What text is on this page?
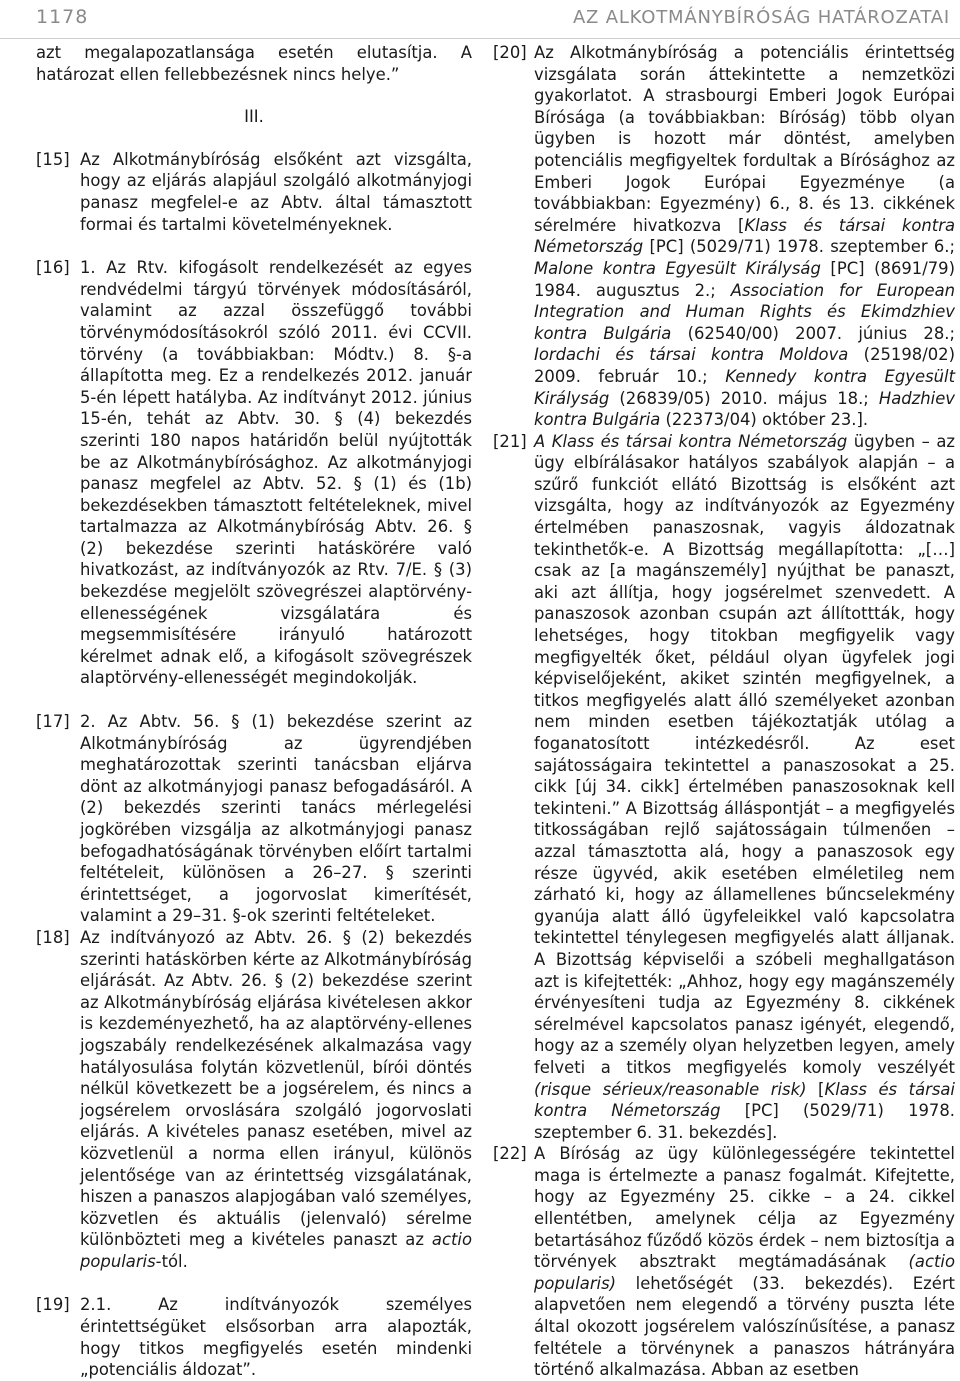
1178	AZ ALKOTMÁNYBÍRÓSÁG HATÁROZATAI

azt megalapozatlansága esetén elutasítja. A határozat ellen fellebbezésnek nincs helye.”

III.

[15] Az Alkotmánybíróság elsőként azt vizsgálta, hogy az eljárás alapjául szolgáló alkotmányjogi panasz megfelel-e az Abtv. által támasztott formai és tartalmi követelményeknek.
[16] 1. Az Rtv. kifogásolt rendelkezését az egyes rendvédelmi tárgyú törvények módosításáról, valamint az azzal összefüggő további törvénymódosításokról szóló 2011. évi CCVII. törvény (a továbbiakban: Módtv.) 8. §-a állapította meg. Ez a rendelkezés 2012. január 5-én lépett hatályba. Az indítványt 2012. június 15-én, tehát az Abtv. 30. § (4) bekezdés szerinti 180 napos határidőn belül nyújtották be az Alkotmánybírósághoz. Az alkotmányjogi panasz megfelel az Abtv. 52. § (1) és (1b) bekezdésekben támasztott feltételeknek, mivel tartalmazza az Alkotmánybíróság Abtv. 26. § (2) bekezdése szerinti hatáskörére való hivatkozást, az indítványozók az Rtv. 7/E. § (3) bekezdése megjelölt szövegrészei alaptörvény-ellenességének vizsgálatára és megsemmisítésére irányuló határozott kérelmet adnak elő, a kifogásolt szövegrészek alaptörvény-ellenességét megindokolják.
[17] 2. Az Abtv. 56. § (1) bekezdése szerint az Alkotmánybíróság az ügyrendjében meghatározottak szerinti tanácsban eljárva dönt az alkotmányjogi panasz befogadásáról. A (2) bekezdés szerinti tanács mérlegelési jogkörében vizsgálja az alkotmányjogi panasz befogadhatóságának törvényben előírt tartalmi feltételeit, különösen a 26–27. § szerinti érintettséget, a jogorvoslat kimerítését, valamint a 29–31. §-ok szerinti feltételeket.
[18] Az indítványozó az Abtv. 26. § (2) bekezdés szerinti hatáskörben kérte az Alkotmánybíróság eljárását. Az Abtv. 26. § (2) bekezdése szerint az Alkotmánybíróság eljárása kivételesen akkor is kezdeményezhető, ha az alaptörvény-ellenes jogszabály rendelkezésének alkalmazása vagy hatályosulása folytán közvetlenül, bírói döntés nélkül következett be a jogsérelem, és nincs a jogsérelem orvoslására szolgáló jogorvoslati eljárás. A kivételes panasz esetében, mivel az közvetlenül a norma ellen irányul, különös jelentősége van az érintettség vizsgálatának, hiszen a panaszos alapjogában való személyes, közvetlen és aktuális (jelenvaló) sérelme különbözteti meg a kivételes panaszt az actio popularis-tól.
[19] 2.1. Az indítványozók személyes érintettségüket elsősorban arra alapozták, hogy titkos megfigyelés esetén mindenki „potenciális áldozat”.
[20] Az Alkotmánybíróság a potenciális érintettség vizsgálata során áttekintette a nemzetközi gyakorlatot. A strasbourgi Emberi Jogok Európai Bírósága (a továbbiakban: Bíróság) több olyan ügyben is hozott már döntést, amelyben potenciális megfigyeltek fordultak a Bírósághoz az Emberi Jogok Európai Egyezménye (a továbbiakban: Egyezmény) 6., 8. és 13. cikkének sérelmére hivatkozva [Klass és társai kontra Németország [PC] (5029/71) 1978. szeptember 6.; Malone kontra Egyesült Királyság [PC] (8691/79) 1984. augusztus 2.; Association for European Integration and Human Rights és Ekimdzhiev kontra Bulgária (62540/00) 2007. június 28.; Iordachi és társai kontra Moldova (25198/02) 2009. február 10.; Kennedy kontra Egyesült Királyság (26839/05) 2010. május 18.; Hadzhiev kontra Bulgária (22373/04) október 23.].
[21] A Klass és társai kontra Németország ügyben – az ügy elbírálásakor hatályos szabályok alapján – a szűrő funkciót ellátó Bizottság is elsőként azt vizsgálta, hogy az indítványozók az Egyezmény értelmében panaszosnak, vagyis áldozatnak tekinthetők-e. A Bizottság megállapította: „[…] csak az [a magánszemély] nyújthat be panaszt, aki azt állítja, hogy jogsérelmet szenvedett. A panaszosok azonban csupán azt állítottták, hogy lehetséges, hogy titokban megfigyelik vagy megfigyelték őket, például olyan ügyfelek jogi képviselőjeként, akiket szintén megfigyelnek, a titkos megfigyelés alatt álló személyeket azonban nem minden esetben tájékoztatják utólag a foganatosított intézkedésről. Az eset sajátosságaira tekintettel a panaszosokat a 25. cikk [új 34. cikk] értelmében panaszosoknak kell tekinteni.” A Bizottság álláspontját – a megfigyelés titkosságában rejlő sajátosságain túlmenően – azzal támasztotta alá, hogy a panaszosok egy része ügyvéd, akik esetében elméletileg nem zárható ki, hogy az államellenes bűncselekmény gyanúja alatt álló ügyfeleikkel való kapcsolatra tekintettel ténylegesen megfigyelés alatt álljanak. A Bizottság képviselői a szóbeli meghallgatáson azt is kifejtették: „Ahhoz, hogy egy magánszemély érvényesíteni tudja az Egyezmény 8. cikkének sérelmével kapcsolatos panasz igényét, elegendő, hogy az a személy olyan helyzetben legyen, amely felveti a titkos megfigyelés komoly veszélyét (risque sérieux/reasonable risk) [Klass és társai kontra Németország [PC] (5029/71) 1978. szeptember 6. 31. bekezdés].
[22] A Bíróság az ügy különlegességére tekintettel maga is értelmezte a panasz fogalmát. Kifejtette, hogy az Egyezmény 25. cikke – a 24. cikkel ellentétben, amelynek célja az Egyezmény betartásához fűződő közös érdek – nem biztosítja a törvények absztrakt megtámadásának (actio popularis) lehetőségét (33. bekezdés). Ezért alapvetően nem elegendő a törvény puszta léte által okozott jogsérelem valószínűsítése, a panasz feltétele a törvénynek a panaszos hátrányára történő alkalmazása. Abban az esetben
